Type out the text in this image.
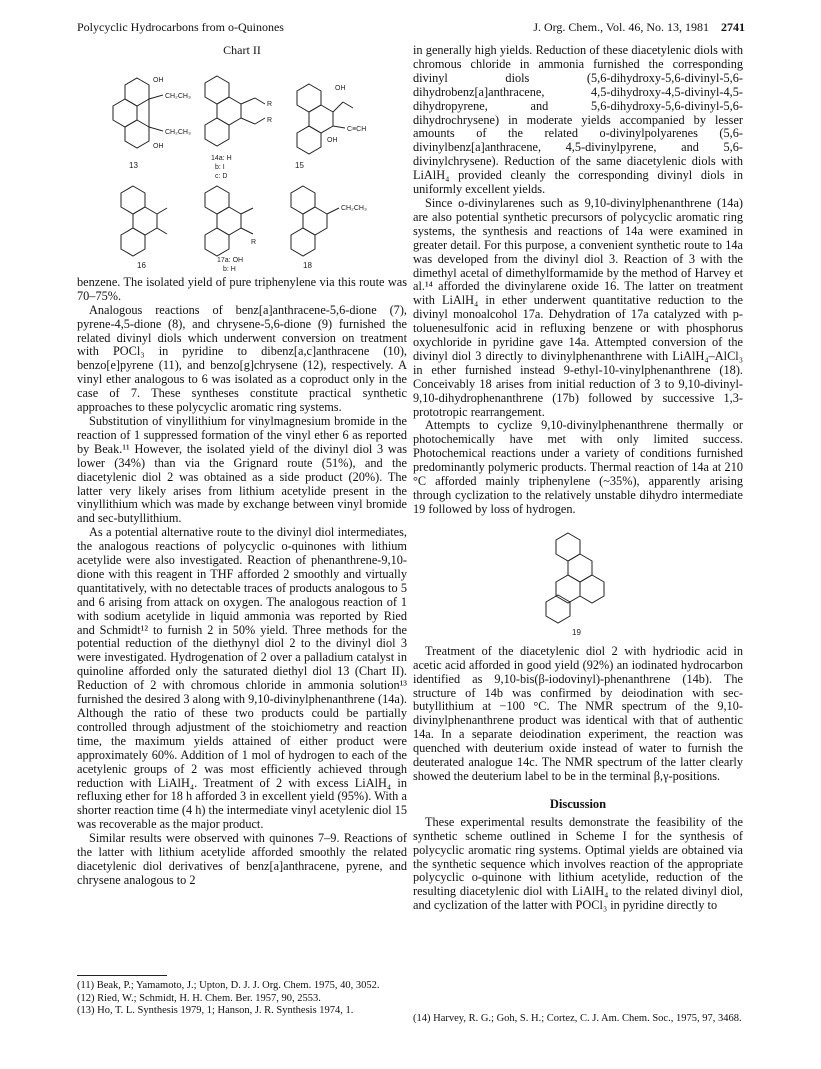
Polycyclic Hydrocarbons from o-Quinones	J. Org. Chem., Vol. 46, No. 13, 1981 2741
Chart II
OH
CH₂CH₃
CH₂CH₃
OH
13
R
R
14a: H
b: I
c: D
OH
OH
C≡CH
15
16
R
17a: OH
b: H
CH₂CH₃
18

benzene. The isolated yield of pure triphenylene via this route was 70–75%.

Analogous reactions of benz[a]anthracene-5,6-dione (7), pyrene-4,5-dione (8), and chrysene-5,6-dione (9) furnished the related divinyl diols which underwent conversion on treatment with POCl₃ in pyridine to dibenz[a,c]anthracene (10), benzo[e]pyrene (11), and benzo[g]chrysene (12), respectively. A vinyl ether analogous to 6 was isolated as a coproduct only in the case of 7. These syntheses constitute practical synthetic approaches to these polycyclic aromatic ring systems.

Substitution of vinyllithium for vinylmagnesium bromide in the reaction of 1 suppressed formation of the vinyl ether 6 as reported by Beak.¹¹ However, the isolated yield of the divinyl diol 3 was lower (34%) than via the Grignard route (51%), and the diacetylenic diol 2 was obtained as a side product (20%). The latter very likely arises from lithium acetylide present in the vinyllithium which was made by exchange between vinyl bromide and sec-butyllithium.

As a potential alternative route to the divinyl diol intermediates, the analogous reactions of polycyclic o-quinones with lithium acetylide were also investigated. Reaction of phenanthrene-9,10-dione with this reagent in THF afforded 2 smoothly and virtually quantitatively, with no detectable traces of products analogous to 5 and 6 arising from attack on oxygen. The analogous reaction of 1 with sodium acetylide in liquid ammonia was reported by Ried and Schmidt¹² to furnish 2 in 50% yield. Three methods for the potential reduction of the diethynyl diol 2 to the divinyl diol 3 were investigated. Hydrogenation of 2 over a palladium catalyst in quinoline afforded only the saturated diethyl diol 13 (Chart II). Reduction of 2 with chromous chloride in ammonia solution¹³ furnished the desired 3 along with 9,10-divinylphenanthrene (14a). Although the ratio of these two products could be partially controlled through adjustment of the stoichiometry and reaction time, the maximum yields attained of either product were approximately 60%. Addition of 1 mol of hydrogen to each of the acetylenic groups of 2 was most efficiently achieved through reduction with LiAlH₄. Treatment of 2 with excess LiAlH₄ in refluxing ether for 18 h afforded 3 in excellent yield (95%). With a shorter reaction time (4 h) the intermediate vinyl acetylenic diol 15 was recoverable as the major product.

Similar results were observed with quinones 7–9. Reactions of the latter with lithium acetylide afforded smoothly the related diacetylenic diol derivatives of benz[a]anthracene, pyrene, and chrysene analogous to 2

in generally high yields. Reduction of these diacetylenic diols with chromous chloride in ammonia furnished the corresponding divinyl diols (5,6-dihydroxy-5,6-divinyl-5,6-dihydrobenz[a]anthracene, 4,5-dihydroxy-4,5-divinyl-4,5-dihydropyrene, and 5,6-dihydroxy-5,6-divinyl-5,6-dihydrochrysene) in moderate yields accompanied by lesser amounts of the related o-divinylpolyarenes (5,6-divinylbenz[a]anthracene, 4,5-divinylpyrene, and 5,6-divinylchrysene). Reduction of the same diacetylenic diols with LiAlH₄ provided cleanly the corresponding divinyl diols in uniformly excellent yields.

Since o-divinylarenes such as 9,10-divinylphenanthrene (14a) are also potential synthetic precursors of polycyclic aromatic ring systems, the synthesis and reactions of 14a were examined in greater detail. For this purpose, a convenient synthetic route to 14a was developed from the divinyl diol 3. Reaction of 3 with the dimethyl acetal of dimethylformamide by the method of Harvey et al.¹⁴ afforded the divinylarene oxide 16. The latter on treatment with LiAlH₄ in ether underwent quantitative reduction to the divinyl monoalcohol 17a. Dehydration of 17a catalyzed with p-toluenesulfonic acid in refluxing benzene or with phosphorus oxychloride in pyridine gave 14a. Attempted conversion of the divinyl diol 3 directly to divinylphenanthrene with LiAlH₄–AlCl₃ in ether furnished instead 9-ethyl-10-vinylphenanthrene (18). Conceivably 18 arises from initial reduction of 3 to 9,10-divinyl-9,10-dihydrophenanthrene (17b) followed by successive 1,3-prototropic rearrangement.

Attempts to cyclize 9,10-divinylphenanthrene thermally or photochemically have met with only limited success. Photochemical reactions under a variety of conditions furnished predominantly polymeric products. Thermal reaction of 14a at 210 °C afforded mainly triphenylene (~35%), apparently arising through cyclization to the relatively unstable dihydro intermediate 19 followed by loss of hydrogen.

19

Treatment of the diacetylenic diol 2 with hydriodic acid in acetic acid afforded in good yield (92%) an iodinated hydrocarbon identified as 9,10-bis(β-iodovinyl)-phenanthrene (14b). The structure of 14b was confirmed by deiodination with sec-butyllithium at −100 °C. The NMR spectrum of the 9,10-divinylphenanthrene product was identical with that of authentic 14a. In a separate deiodination experiment, the reaction was quenched with deuterium oxide instead of water to furnish the deuterated analogue 14c. The NMR spectrum of the latter clearly showed the deuterium label to be in the terminal β,γ-positions.

Discussion

These experimental results demonstrate the feasibility of the synthetic scheme outlined in Scheme I for the synthesis of polycyclic aromatic ring systems. Optimal yields are obtained via the synthetic sequence which involves reaction of the appropriate polycyclic o-quinone with lithium acetylide, reduction of the resulting diacetylenic diol with LiAlH₄ to the related divinyl diol, and cyclization of the latter with POCl₃ in pyridine directly to

(11) Beak, P.; Yamamoto, J.; Upton, D. J. J. Org. Chem. 1975, 40, 3052.

(12) Ried, W.; Schmidt, H. H. Chem. Ber. 1957, 90, 2553.

(13) Ho, T. L. Synthesis 1979, 1; Hanson, J. R. Synthesis 1974, 1.

(14) Harvey, R. G.; Goh, S. H.; Cortez, C. J. Am. Chem. Soc., 1975, 97, 3468.
